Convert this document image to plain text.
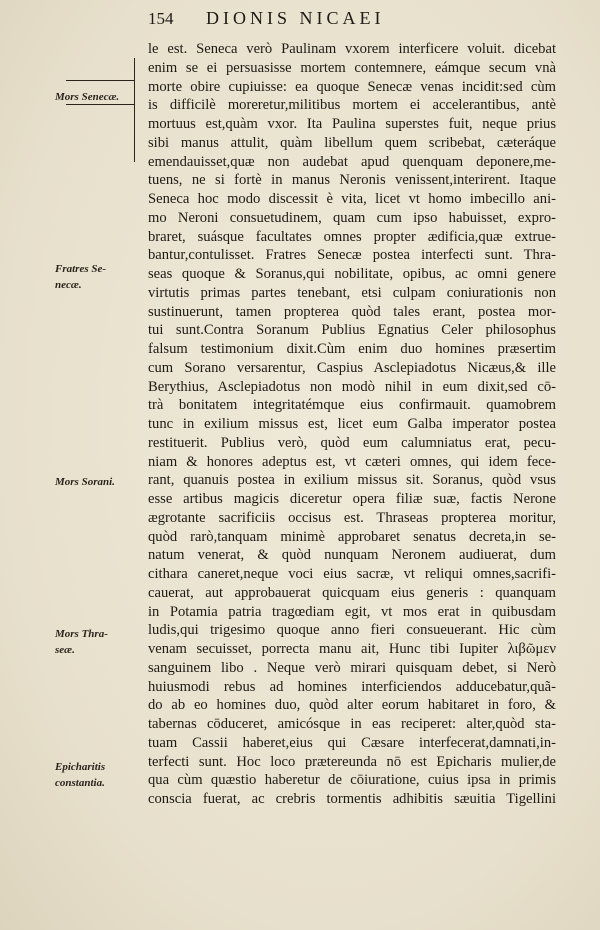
154	DIONIS NICAEI
Mors Senecæ.
Fratres Se-
necæ.
Mors Sorani.
Mors Thra-
seæ.
Epicharitis
constantia.
le est. Seneca verò Paulinam vxorem interficere voluit. dicebat
enim se ei persuasisse mortem contemnere, eámque secum vnà
morte obire cupiuisse: ea quoque Senecæ venas incidit:sed cùm
is difficilè moreretur,militibus mortem ei accelerantibus, antè
mortuus est,quàm vxor. Ita Paulina superstes fuit, neque prius
sibi manus attulit, quàm libellum quem scribebat, cæteráque
emendauisset,quæ non audebat apud quenquam deponere,me-
tuens, ne si fortè in manus Neronis venissent,interirent. Itaque
Seneca hoc modo discessit è vita, licet vt homo imbecillo ani-
mo Neroni consuetudinem, quam cum ipso habuisset, expro-
braret, suásque facultates omnes propter ædificia,quæ extrue-
bantur,contulisset. Fratres Senecæ postea interfecti sunt. Thra-
seas quoque & Soranus,qui nobilitate, opibus, ac omni genere
virtutis primas partes tenebant, etsi culpam coniurationis non
sustinuerunt, tamen propterea quòd tales erant, postea mor-
tui sunt.Contra Soranum Publius Egnatius Celer philosophus
falsum testimonium dixit.Cùm enim duo homines præsertim
cum Sorano versarentur, Caspius Asclepiadotus Nicæus,& ille
Berythius, Asclepiadotus non modò nihil in eum dixit,sed cō-
trà bonitatem integritatémque eius confirmauit. quamobrem
tunc in exilium missus est, licet eum Galba imperator postea
restituerit. Publius verò, quòd eum calumniatus erat, pecu-
niam & honores adeptus est, vt cæteri omnes, qui idem fece-
rant, quanuis postea in exilium missus sit. Soranus, quòd vsus
esse artibus magicis diceretur opera filiæ suæ, factis Nerone
ægrotante sacrificiis occisus est. Thraseas propterea moritur,
quòd rarò,tanquam minimè approbaret senatus decreta,in se-
natum venerat, & quòd nunquam Neronem audiuerat, dum
cithara caneret,neque voci eius sacræ, vt reliqui omnes,sacrifi-
cauerat, aut approbauerat quicquam eius generis : quanquam
in Potamia patria tragœdiam egit, vt mos erat in quibusdam
ludis,qui trigesimo quoque anno fieri consueuerant. Hic cùm
venam secuisset, porrecta manu ait, Hunc tibi Iupiter λιβῶμεν
sanguinem libo . Neque verò mirari quisquam debet, si Nerò
huiusmodi rebus ad homines interficiendos adducebatur,quã-
do ab eo homines duo, quòd alter eorum habitaret in foro, &
tabernas cōduceret, amicósque in eas reciperet: alter,quòd sta-
tuam Cassii haberet,eius qui Cæsare interfecerat,damnati,in-
terfecti sunt. Hoc loco prætereunda nō est Epicharis mulier,de
qua cùm quæstio haberetur de cōiuratione, cuius ipsa in primis
conscia fuerat, ac crebris tormentis adhibitis sæuitia Tigellini
